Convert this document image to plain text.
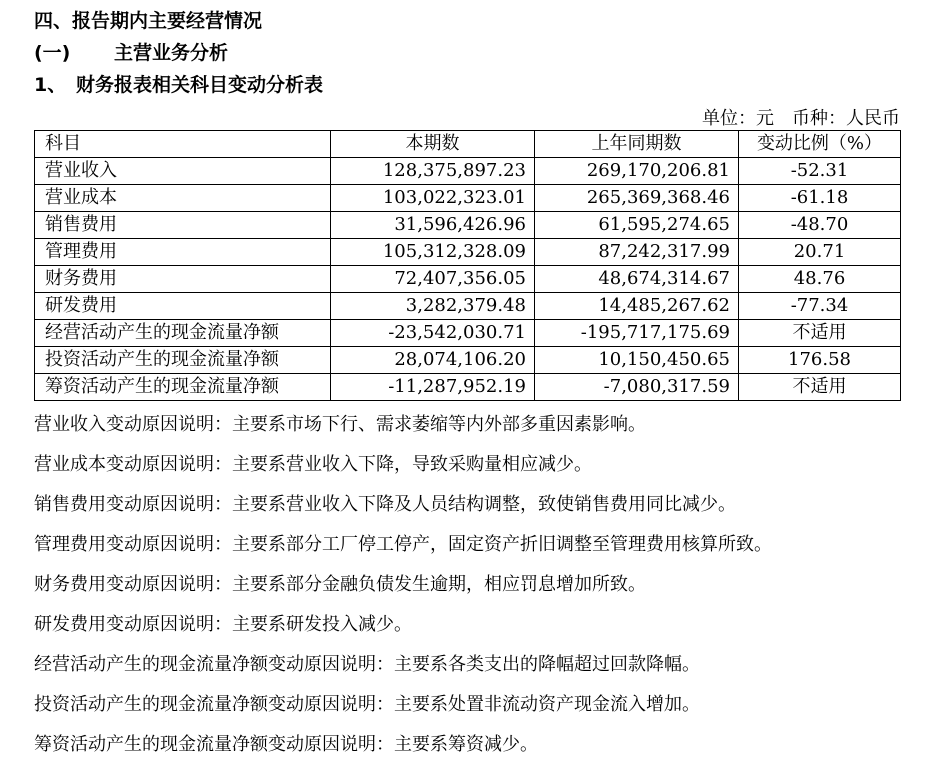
四、报告期内主要经营情况
(一) 主营业务分析
1、 财务报表相关科目变动分析表
单位：元　币种：人民币
科目	本期数	上年同期数	变动比例（%）
营业收入	128,375,897.23	269,170,206.81	-52.31
营业成本	103,022,323.01	265,369,368.46	-61.18
销售费用	31,596,426.96	61,595,274.65	-48.70
管理费用	105,312,328.09	87,242,317.99	20.71
财务费用	72,407,356.05	48,674,314.67	48.76
研发费用	3,282,379.48	14,485,267.62	-77.34
经营活动产生的现金流量净额	-23,542,030.71	-195,717,175.69	不适用
投资活动产生的现金流量净额	28,074,106.20	10,150,450.65	176.58
筹资活动产生的现金流量净额	-11,287,952.19	-7,080,317.59	不适用
营业收入变动原因说明：主要系市场下行、需求萎缩等内外部多重因素影响。
营业成本变动原因说明：主要系营业收入下降，导致采购量相应减少。
销售费用变动原因说明：主要系营业收入下降及人员结构调整，致使销售费用同比减少。
管理费用变动原因说明：主要系部分工厂停工停产，固定资产折旧调整至管理费用核算所致。
财务费用变动原因说明：主要系部分金融负债发生逾期，相应罚息增加所致。
研发费用变动原因说明：主要系研发投入减少。
经营活动产生的现金流量净额变动原因说明：主要系各类支出的降幅超过回款降幅。
投资活动产生的现金流量净额变动原因说明：主要系处置非流动资产现金流入增加。
筹资活动产生的现金流量净额变动原因说明：主要系筹资减少。
